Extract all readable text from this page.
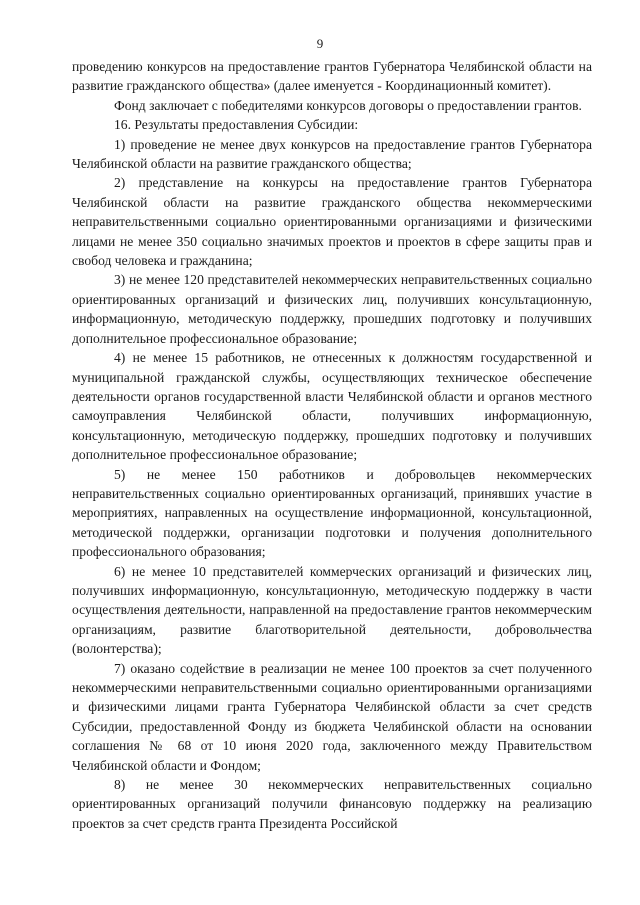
9

проведению конкурсов на предоставление грантов Губернатора Челябинской области на развитие гражданского общества» (далее именуется - Координационный комитет).

Фонд заключает с победителями конкурсов договоры о предоставлении грантов.

16. Результаты предоставления Субсидии:

1) проведение не менее двух конкурсов на предоставление грантов Губернатора Челябинской области на развитие гражданского общества;

2) представление на конкурсы на предоставление грантов Губернатора Челябинской области на развитие гражданского общества некоммерческими неправительственными социально ориентированными организациями и физическими лицами не менее 350 социально значимых проектов и проектов в сфере защиты прав и свобод человека и гражданина;

3) не менее 120 представителей некоммерческих неправительственных социально ориентированных организаций и физических лиц, получивших консультационную, информационную, методическую поддержку, прошедших подготовку и получивших дополнительное профессиональное образование;

4) не менее 15 работников, не отнесенных к должностям государственной и муниципальной гражданской службы, осуществляющих техническое обеспечение деятельности органов государственной власти Челябинской области и органов местного самоуправления Челябинской области, получивших информационную, консультационную, методическую поддержку, прошедших подготовку и получивших дополнительное профессиональное образование;

5) не менее 150 работников и добровольцев некоммерческих неправительственных социально ориентированных организаций, принявших участие в мероприятиях, направленных на осуществление информационной, консультационной, методической поддержки, организации подготовки и получения дополнительного профессионального образования;

6) не менее 10 представителей коммерческих организаций и физических лиц, получивших информационную, консультационную, методическую поддержку в части осуществления деятельности, направленной на предоставление грантов некоммерческим организациям, развитие благотворительной деятельности, добровольчества (волонтерства);

7) оказано содействие в реализации не менее 100 проектов за счет полученного некоммерческими неправительственными социально ориентированными организациями и физическими лицами гранта Губернатора Челябинской области за счет средств Субсидии, предоставленной Фонду из бюджета Челябинской области на основании соглашения № 68 от 10 июня 2020 года, заключенного между Правительством Челябинской области и Фондом;

8) не менее 30 некоммерческих неправительственных социально ориентированных организаций получили финансовую поддержку на реализацию проектов за счет средств гранта Президента Российской
